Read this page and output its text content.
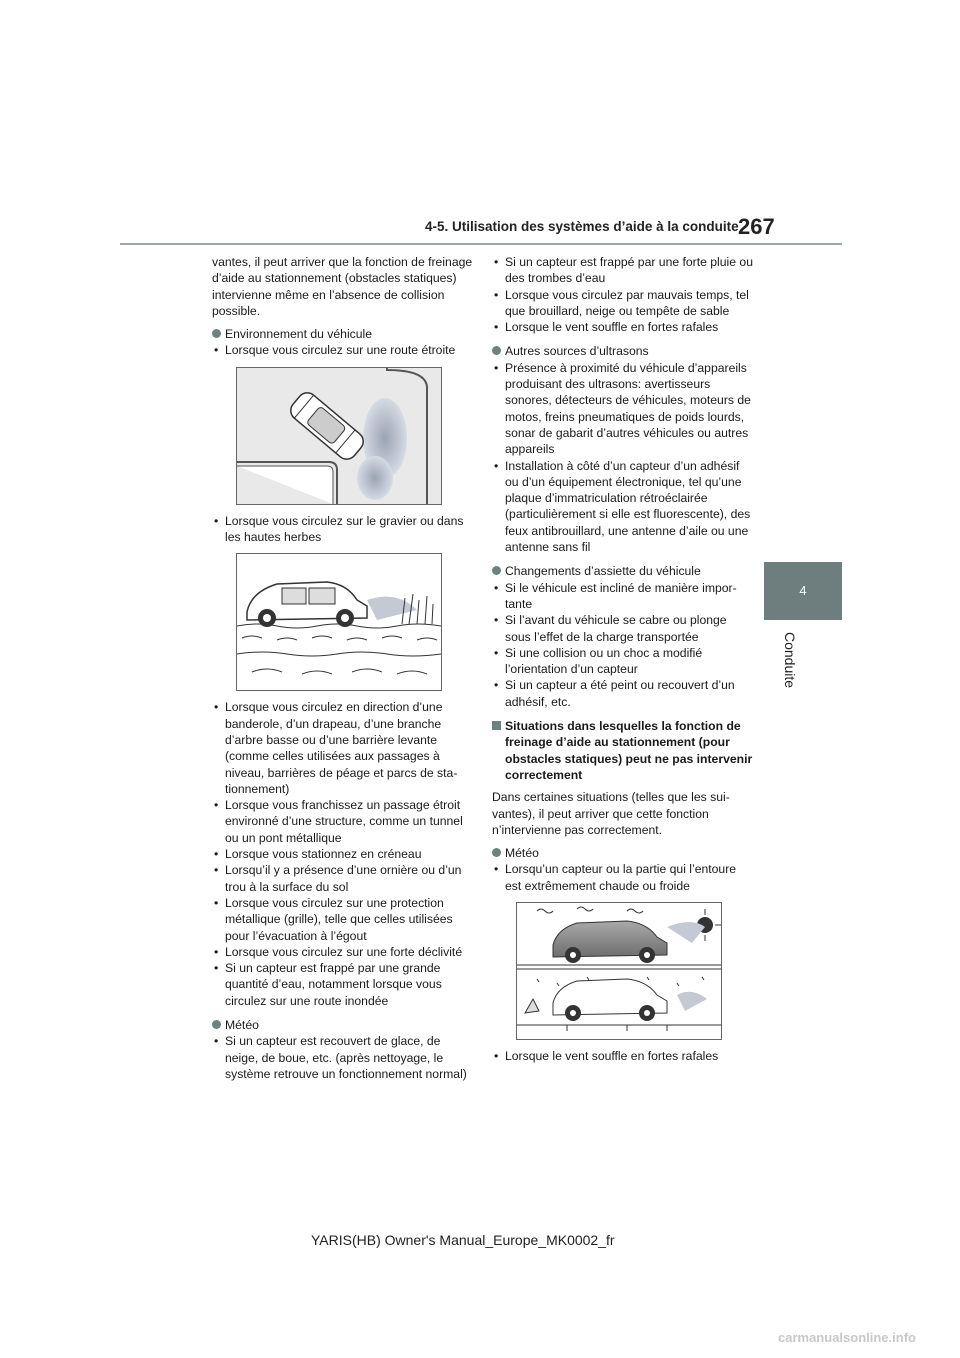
4-5. Utilisation des systèmes d’aide à la conduite 267
4
Conduite

vantes, il peut arriver que la fonction de freinage d’aide au stationnement (obstacles statiques) intervienne même en l’absence de collision possible.

Environnement du véhicule

• Lorsque vous circulez sur une route étroite
• Lorsque vous circulez sur le gravier ou dans les hautes herbes
• Lorsque vous circulez en direction d’une banderole, d’un drapeau, d’une branche d’arbre basse ou d’une barrière levante (comme celles utilisées aux passages à niveau, barrières de péage et parcs de stationnement)
• Lorsque vous franchissez un passage étroit environné d’une structure, comme un tunnel ou un pont métallique
• Lorsque vous stationnez en créneau
• Lorsqu’il y a présence d’une ornière ou d’un trou à la surface du sol
• Lorsque vous circulez sur une protection métallique (grille), telle que celles utilisées pour l’évacuation à l’égout
• Lorsque vous circulez sur une forte déclivité
• Si un capteur est frappé par une grande quantité d’eau, notamment lorsque vous circulez sur une route inondée

Météo

• Si un capteur est recouvert de glace, de neige, de boue, etc. (après nettoyage, le système retrouve un fonctionnement normal)
• Si un capteur est frappé par une forte pluie ou des trombes d’eau
• Lorsque vous circulez par mauvais temps, tel que brouillard, neige ou tempête de sable
• Lorsque le vent souffle en fortes rafales

Autres sources d’ultrasons

• Présence à proximité du véhicule d’appareils produisant des ultrasons: avertisseurs sonores, détecteurs de véhicules, moteurs de motos, freins pneumatiques de poids lourds, sonar de gabarit d’autres véhicules ou autres appareils
• Installation à côté d’un capteur d’un adhésif ou d’un équipement électronique, tel qu’une plaque d’immatriculation rétroéclairée (particulièrement si elle est fluorescente), des feux antibrouillard, une antenne d’aile ou une antenne sans fil

Changements d’assiette du véhicule

• Si le véhicule est incliné de manière importante
• Si l’avant du véhicule se cabre ou plonge sous l’effet de la charge transportée
• Si une collision ou un choc a modifié l’orientation d’un capteur
• Si un capteur a été peint ou recouvert d’un adhésif, etc.

Situations dans lesquelles la fonction de freinage d’aide au stationnement (pour obstacles statiques) peut ne pas intervenir correctement

Dans certaines situations (telles que les suivantes), il peut arriver que cette fonction n’intervienne pas correctement.

Météo

• Lorsqu’un capteur ou la partie qui l’entoure est extrêmement chaude ou froide
• Lorsque le vent souffle en fortes rafales
YARIS(HB) Owner's Manual_Europe_MK0002_fr
carmanualsonline.info
